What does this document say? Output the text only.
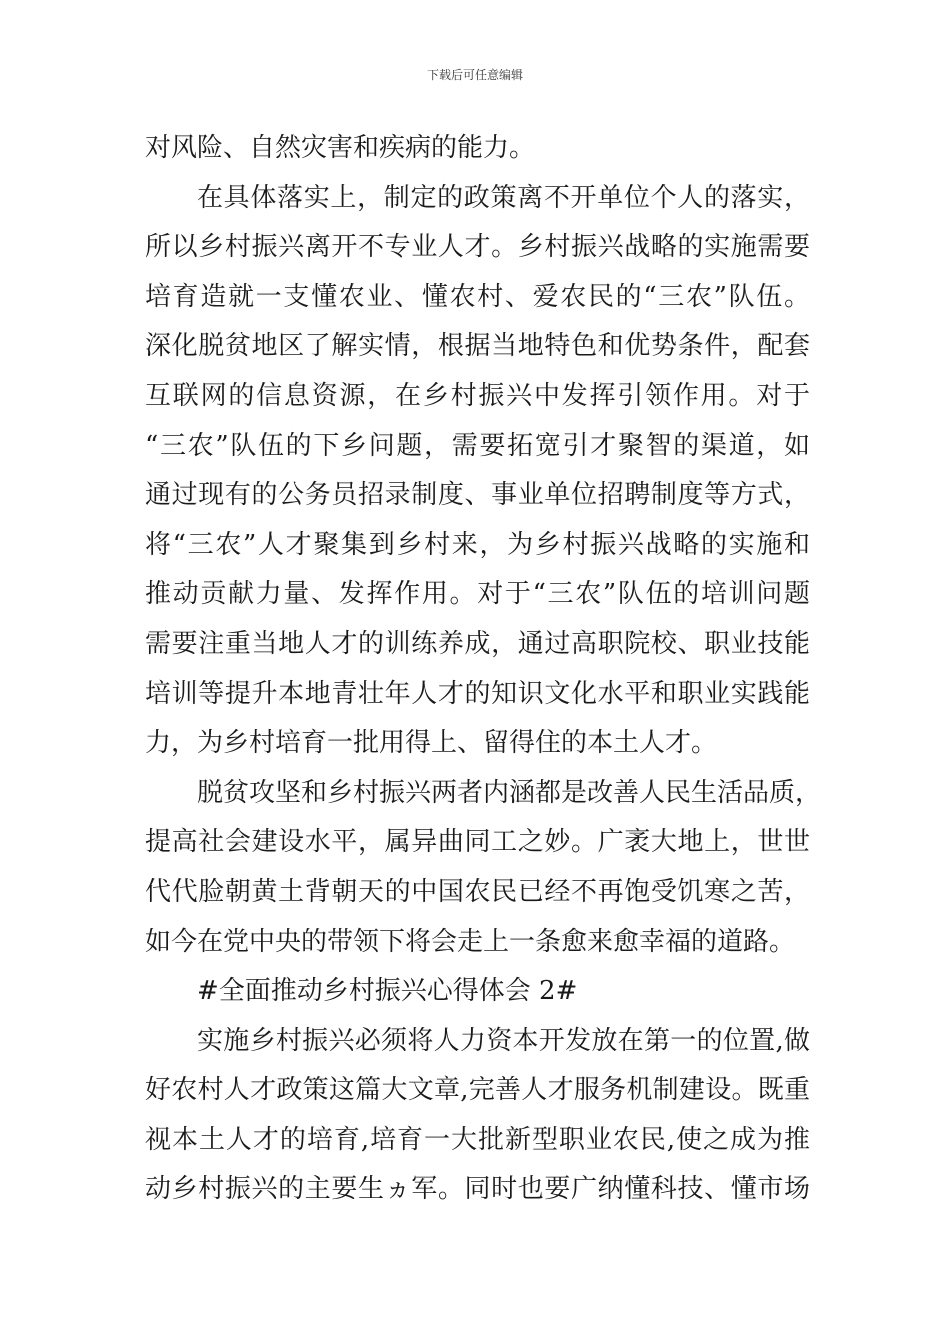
下载后可任意编辑
对风险、自然灾害和疾病的能力。
在具体落实上，制定的政策离不开单位个人的落实，
所以乡村振兴离开不专业人才。乡村振兴战略的实施需要
培育造就一支懂农业、懂农村、爱农民的“三农”队伍。
深化脱贫地区了解实情，根据当地特色和优势条件，配套
互联网的信息资源，在乡村振兴中发挥引领作用。对于
“三农”队伍的下乡问题，需要拓宽引才聚智的渠道，如
通过现有的公务员招录制度、事业单位招聘制度等方式，
将“三农”人才聚集到乡村来，为乡村振兴战略的实施和
推动贡献力量、发挥作用。对于“三农”队伍的培训问题
需要注重当地人才的训练养成，通过高职院校、职业技能
培训等提升本地青壮年人才的知识文化水平和职业实践能
力，为乡村培育一批用得上、留得住的本土人才。
脱贫攻坚和乡村振兴两者内涵都是改善人民生活品质，
提高社会建设水平，属异曲同工之妙。广袤大地上，世世
代代脸朝黄土背朝天的中国农民已经不再饱受饥寒之苦，
如今在党中央的带领下将会走上一条愈来愈幸福的道路。
#全面推动乡村振兴心得体会 2#
实施乡村振兴必须将人力资本开发放在第一的位置,做
好农村人才政策这篇大文章,完善人才服务机制建设。既重
视本土人才的培育,培育一大批新型职业农民,使之成为推
动乡村振兴的主要生ヵ军。同时也要广纳懂科技、懂市场
